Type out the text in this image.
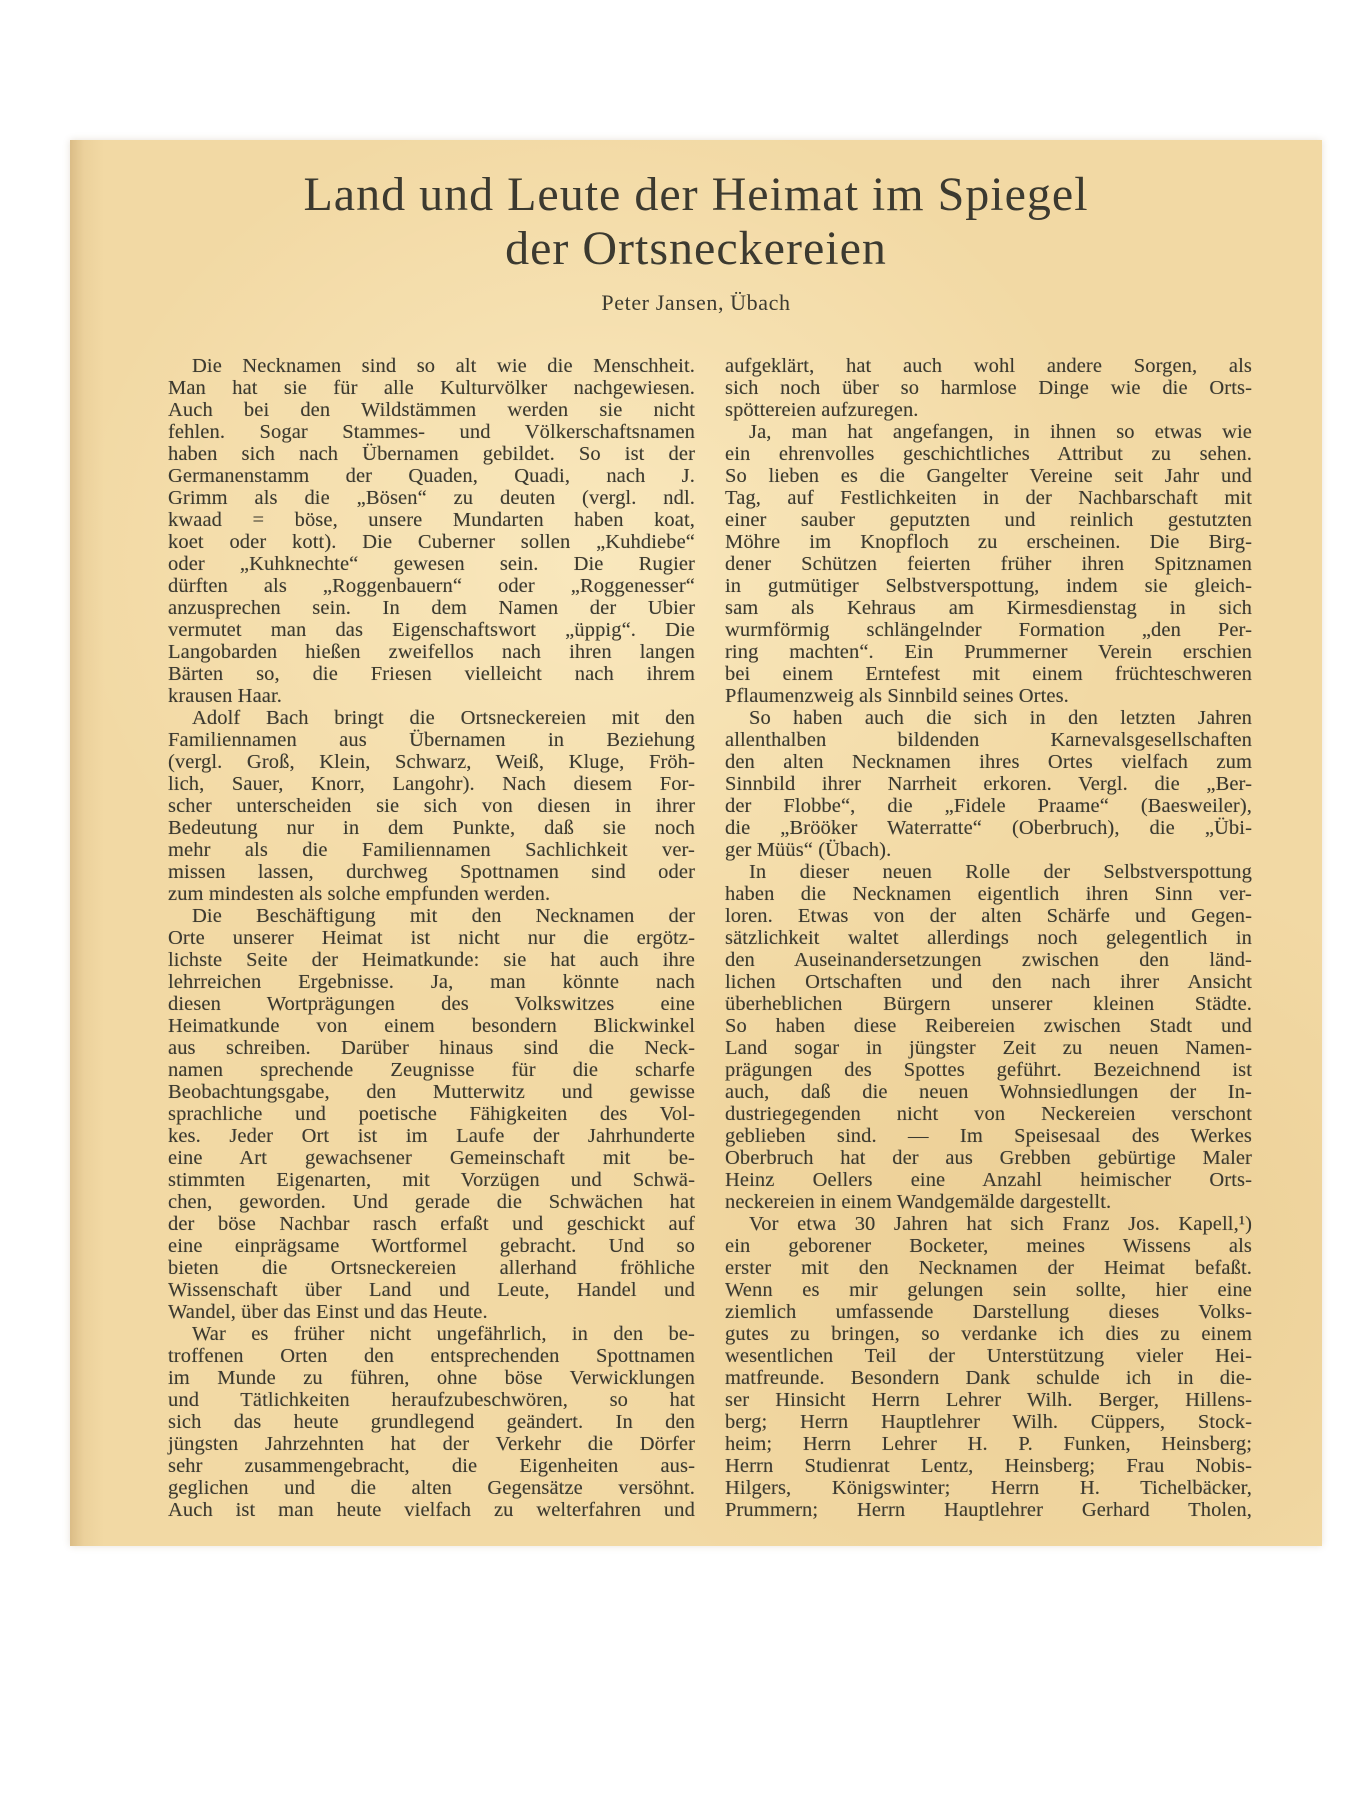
Land und Leute der Heimat im Spiegel
der Ortsneckereien
Peter Jansen, Übach
Die Necknamen sind so alt wie die Menschheit.
Man hat sie für alle Kulturvölker nachgewiesen.
Auch bei den Wildstämmen werden sie nicht
fehlen. Sogar Stammes- und Völkerschaftsnamen
haben sich nach Übernamen gebildet. So ist der
Germanenstamm der Quaden, Quadi, nach J.
Grimm als die „Bösen“ zu deuten (vergl. ndl.
kwaad = böse, unsere Mundarten haben koat,
koet oder kott). Die Cuberner sollen „Kuhdiebe“
oder „Kuhknechte“ gewesen sein. Die Rugier
dürften als „Roggenbauern“ oder „Roggenesser“
anzusprechen sein. In dem Namen der Ubier
vermutet man das Eigenschaftswort „üppig“. Die
Langobarden hießen zweifellos nach ihren langen
Bärten so, die Friesen vielleicht nach ihrem
krausen Haar.
Adolf Bach bringt die Ortsneckereien mit den
Familiennamen aus Übernamen in Beziehung
(vergl. Groß, Klein, Schwarz, Weiß, Kluge, Fröh-
lich, Sauer, Knorr, Langohr). Nach diesem For-
scher unterscheiden sie sich von diesen in ihrer
Bedeutung nur in dem Punkte, daß sie noch
mehr als die Familiennamen Sachlichkeit ver-
missen lassen, durchweg Spottnamen sind oder
zum mindesten als solche empfunden werden.
Die Beschäftigung mit den Necknamen der
Orte unserer Heimat ist nicht nur die ergötz-
lichste Seite der Heimatkunde: sie hat auch ihre
lehrreichen Ergebnisse. Ja, man könnte nach
diesen Wortprägungen des Volkswitzes eine
Heimatkunde von einem besondern Blickwinkel
aus schreiben. Darüber hinaus sind die Neck-
namen sprechende Zeugnisse für die scharfe
Beobachtungsgabe, den Mutterwitz und gewisse
sprachliche und poetische Fähigkeiten des Vol-
kes. Jeder Ort ist im Laufe der Jahrhunderte
eine Art gewachsener Gemeinschaft mit be-
stimmten Eigenarten, mit Vorzügen und Schwä-
chen, geworden. Und gerade die Schwächen hat
der böse Nachbar rasch erfaßt und geschickt auf
eine einprägsame Wortformel gebracht. Und so
bieten die Ortsneckereien allerhand fröhliche
Wissenschaft über Land und Leute, Handel und
Wandel, über das Einst und das Heute.
War es früher nicht ungefährlich, in den be-
troffenen Orten den entsprechenden Spottnamen
im Munde zu führen, ohne böse Verwicklungen
und Tätlichkeiten heraufzubeschwören, so hat
sich das heute grundlegend geändert. In den
jüngsten Jahrzehnten hat der Verkehr die Dörfer
sehr zusammengebracht, die Eigenheiten aus-
geglichen und die alten Gegensätze versöhnt.
Auch ist man heute vielfach zu welterfahren und
aufgeklärt, hat auch wohl andere Sorgen, als
sich noch über so harmlose Dinge wie die Orts-
spöttereien aufzuregen.
Ja, man hat angefangen, in ihnen so etwas wie
ein ehrenvolles geschichtliches Attribut zu sehen.
So lieben es die Gangelter Vereine seit Jahr und
Tag, auf Festlichkeiten in der Nachbarschaft mit
einer sauber geputzten und reinlich gestutzten
Möhre im Knopfloch zu erscheinen. Die Birg-
dener Schützen feierten früher ihren Spitznamen
in gutmütiger Selbstverspottung, indem sie gleich-
sam als Kehraus am Kirmesdienstag in sich
wurmförmig schlängelnder Formation „den Per-
ring machten“. Ein Prummerner Verein erschien
bei einem Erntefest mit einem früchteschweren
Pflaumenzweig als Sinnbild seines Ortes.
So haben auch die sich in den letzten Jahren
allenthalben bildenden Karnevalsgesellschaften
den alten Necknamen ihres Ortes vielfach zum
Sinnbild ihrer Narrheit erkoren. Vergl. die „Ber-
der Flobbe“, die „Fidele Praame“ (Baesweiler),
die „Brööker Waterratte“ (Oberbruch), die „Übi-
ger Müüs“ (Übach).
In dieser neuen Rolle der Selbstverspottung
haben die Necknamen eigentlich ihren Sinn ver-
loren. Etwas von der alten Schärfe und Gegen-
sätzlichkeit waltet allerdings noch gelegentlich in
den Auseinandersetzungen zwischen den länd-
lichen Ortschaften und den nach ihrer Ansicht
überheblichen Bürgern unserer kleinen Städte.
So haben diese Reibereien zwischen Stadt und
Land sogar in jüngster Zeit zu neuen Namen-
prägungen des Spottes geführt. Bezeichnend ist
auch, daß die neuen Wohnsiedlungen der In-
dustriegegenden nicht von Neckereien verschont
geblieben sind. — Im Speisesaal des Werkes
Oberbruch hat der aus Grebben gebürtige Maler
Heinz Oellers eine Anzahl heimischer Orts-
neckereien in einem Wandgemälde dargestellt.
Vor etwa 30 Jahren hat sich Franz Jos. Kapell,¹)
ein geborener Bocketer, meines Wissens als
erster mit den Necknamen der Heimat befaßt.
Wenn es mir gelungen sein sollte, hier eine
ziemlich umfassende Darstellung dieses Volks-
gutes zu bringen, so verdanke ich dies zu einem
wesentlichen Teil der Unterstützung vieler Hei-
matfreunde. Besondern Dank schulde ich in die-
ser Hinsicht Herrn Lehrer Wilh. Berger, Hillens-
berg; Herrn Hauptlehrer Wilh. Cüppers, Stock-
heim; Herrn Lehrer H. P. Funken, Heinsberg;
Herrn Studienrat Lentz, Heinsberg; Frau Nobis-
Hilgers, Königswinter; Herrn H. Tichelbäcker,
Prummern; Herrn Hauptlehrer Gerhard Tholen,
